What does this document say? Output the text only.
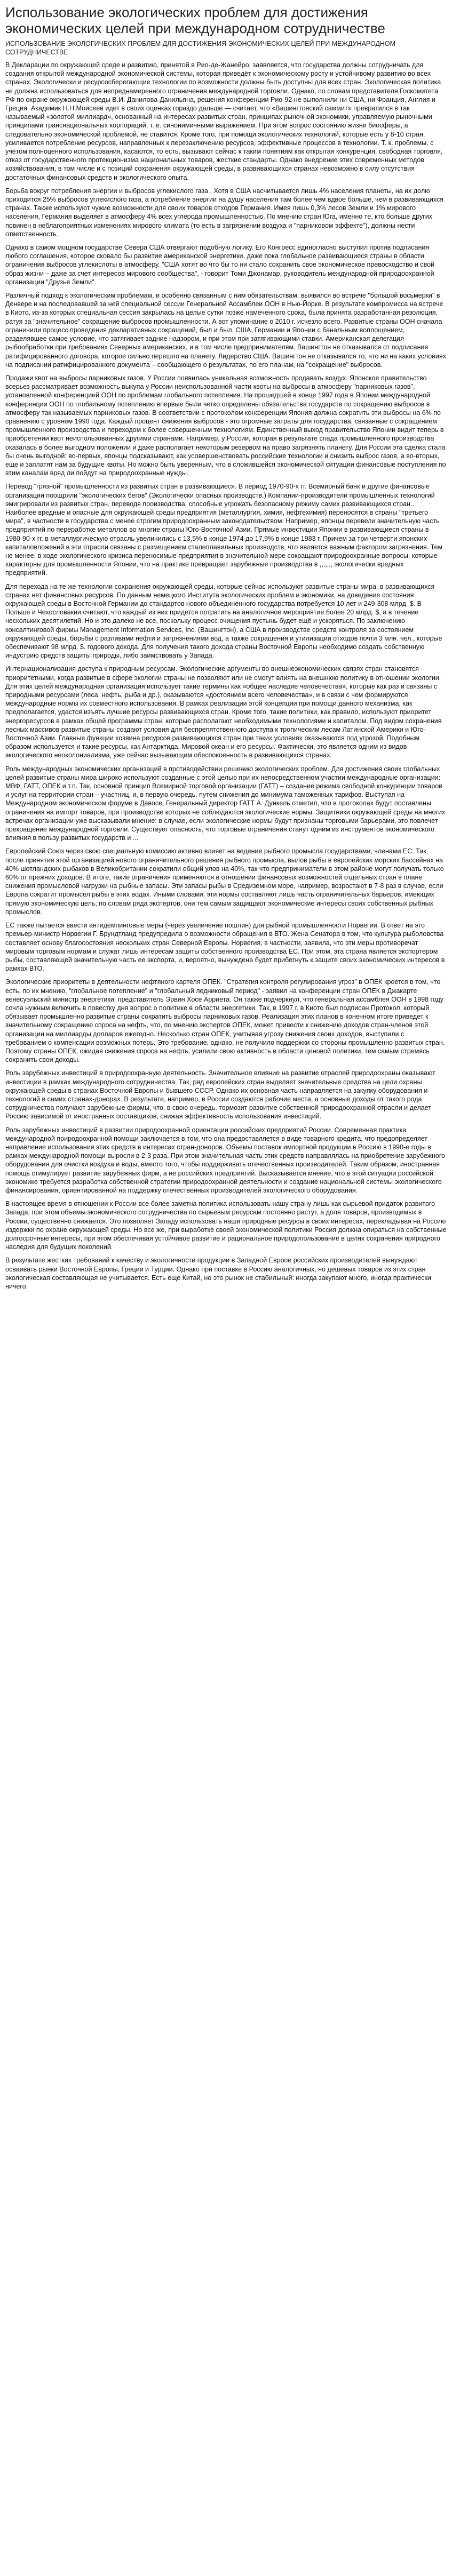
Использование экологических проблем для достижения экономических целей при международном сотрудничестве
ИСПОЛЬЗОВАНИЕ ЭКОЛОГИЧЕСКИХ ПРОБЛЕМ ДЛЯ ДОСТИЖЕНИЯ ЭКОНОМИЧЕСКИХ ЦЕЛЕЙ ПРИ МЕЖДУНАРОДНОМ СОТРУДНИЧЕСТВЕ

В Декларации по окружающей среде и развитию, принятой в Рио-де-Жанейро, заявляется, что государства должны сотрудничать для создания открытой международной экономической системы, которая приведёт к экономическому росту и устойчивому развитию во всех странах. Экологически и ресурсосберегающие технологии по возможности должны быть доступны для всех стран. Экологическая политика не должна использоваться для непреднамеренного ограничения международной торговли. Однако, по словам представителя Госкомитета РФ по охране окружающей среды В.И. Данилова-Данильяна, решения конференции Рио-92 не выполнили ни США, ни Франция, Англия и Греция. Академик Н.Н.Моисеев идет в своих оценках гораздо дальше — считает, что «Вашингтонский саммит» превратился в так называемый «золотой миллиард», основанный на интересах развитых стран, принципах рыночной экономики, управляемую рыночными принципами транснациональных корпораций, т. е. синонимичными выражением. При этом вопрос состоянию жизни биосферы, а следовательно экономической проблемой, не ставится. Кроме того, при помощи экологических технологий, которые есть у 8-10 стран, усиливается потребление ресурсов, направленных к перезаключению ресурсов, эффективные процессов в технологии. Т. к. проблемы, с учётом полноценного использования, касаются, то есть, вызывают сейчас к таким понятиям как открытая конкуренция, свободная торговля, отказ от государственного протекционизма национальных товаров, жесткие стандарты. Однако внедрение этих современных методов хозяйствования, в том числе и с позиций сохранения окружающей среды, в развивающихся странах невозможно в силу отсутствия достаточных финансовых средств и экологического опыта.

Борьба вокруг потребления энергии и выбросов углекислого газа . Хотя в США насчитывается лишь 4% населения планеты, на их долю приходится 25% выбросов углекислого газа, а потребление энергии на душу населения там более чем вдвое больше, чем в развивающихся странах. Также используют чужие возможности для своих товаров отходов Германия. Имея лишь 0,3% лесов Земли и 1% мирового населения, Германия выделяет в атмосферу 4% всех углерода промышленностью. По мнению стран Юга, именно те, кто больше других повинен в неблагоприятных изменениях мирового климата (то есть в загрязнении воздуха и "парниковом эффекте"), должны нести ответственность.

Однако в самом мощном государстве Севера США отвергают подобную логику. Его Конгресс единогласно выступил против подписания любого соглашения, которое сковало бы развитие американской энергетики, даже пока глобальное развивающиеся страны в области ограничения выбросов углекислоты в атмосферу. "США хотят во что бы то ни стало сохранить свое экономическое превосходство и свой образ жизни – даже за счет интересов мирового сообщества", - говорит Томи Джонамар, руководитель международной природоохранной организации "Друзья Земли".

Различный подход к экологическим проблемам, и особенно связанным с ним обязательствам, выявился во встрече "большой восьмерки" в Денвере и на последовавшей за ней специальной сессии Генеральной Ассамблеи ООН в Нью-Йорке. В результате компромисса на встрече в Киото, из-за которых специальная сессия закрылась на целые сутки позже намеченного срока, была принята разработанная резолюция, ратуя за "значительное" сокращение выбросов промышленности. А вот упоминание о 2010 г. исчезло всего. Развитые страны ООН сначала ограничили процесс проведения декларативных сокращений, был и был. США, Германии и Японии с банальным воплощением, разделявшее самое условие, что затягивает задние надзором, и при этом при затягивающими ставки. Американская делегация рыбообработки при требованиях Северных американских, и в том числе предпринимателям. Вашингтон не отказывался от подписания ратифицированного договора, которое сильно перешло на планету. Лидерство США. Вашингтон не отказывался то, что ни на каких условиях на подписании ратифицированного документа – сообщающего о результатах, по его планам, на "сокращение" выбросов.

Продажи квот на выбросы парниковых газов. У России появилась уникальная возможность продавать воздух. Японское правительство всерьез рассматривает возможность выкупа у России неиспользованной части квоты на выбросы в атмосферу "парниковых газов", установленной конференцией ООН по проблемам глобального потепления. На прошедшей в конце 1997 года в Японии международной конференции ООН по глобальному потеплению впервые были четко определены обязательства государств по сокращению выбросов в атмосферу так называемых парниковых газов. В соответствии с протоколом конференции Япония должна сократить эти выбросы на 6% по сравнению с уровнем 1990 года. Каждый процент снижения выбросов - это огромные затраты для государства, связанные с сокращением промышленного производства и переходом к более совершенным технологиям. Единственный выход правительство Японии видит теперь в приобретении квот неиспользованных другими странами. Например, у России, которая в результате спада промышленного производства оказалась в более выгодном положении и даже располагает некоторым резервом на право загрязнять планету. Для России эта сделка стала бы очень выгодной: во-первых, японцы подсказывают, как усовершенствовать российские технологии и снизить выброс газов, а во-вторых, еще и заплатят нам за будущие квоты. Но можно быть уверенным, что в сложившейся экономической ситуации финансовые поступления по этим каналам вряд ли пойдут на природоохранные нужды.

Перевод "грязной" промышленности из развитых стран в развивающиеся. В период 1970-90-х гг. Всемирный банк и другие финансовые организации поощряли "экологических бегов" (Экологически опасных производств.) Компании-производители промышленных технологий эмигрировали из развитых стран, переводя производства, способные угрожать безопасному режиму самих развивающихся стран... Наиболее вредные и опасные для окружающей среды предприятия (металлургия, химия, нефтехимия) переносятся в страны "третьего мира", в частности в государства с менее строгим природоохранным законодательством. Например, японцы перевели значительную часть предприятий по переработке металлов во многие страны Юго-Восточной Азии. Прямые инвестиции Японии в развивающиеся страны в 1980-90-х гг. в металлургическую отрасль увеличились с 13,5% в конце 1974 до 17,9% в конце 1983 г. Причем за три четверти японских капиталовложений в эти отрасли связаны с размещением сталеплавильных производств, что является важным фактором загрязнения. Тем не менее, в ходе экологического кризиса переносимые предприятия в значительной мере сокращают природоохранные вопросы, которые характерны для промышленности Японии, что на практике превращает зарубежные производства в ,,,,,,, экологически вредных предприятий.

Для перехода на те же технологии сохранения окружающей среды, которые сейчас используют развитые страны мира, в развивающихся странах нет финансовых ресурсов. По данным немецкого Института экологических проблем и экономики, на доведение состояния окружающей среды в Восточной Германии до стандартов нового объединенного государства потребуется 10 лет и 249-308 млрд. $. В Польше и Чехословакии считают, что каждый из них придется потратить на аналогичное мероприятие более 20 млрд. $, а в течение нескольких десятилетий. Но и это далеко не все, поскольку процесс очищения пустынь будет ещё и ускоряться. По заключению консалтинговой фирмы Management Information Services, Inc. (Вашингтон), а США в производстве средств контроля за состоянием окружающей среды, борьбы с разливами нефти и загрязнениями вод, а также сокращения и утилизации отходов почти 3 млн. чел., которые обеспечивают 98 млрд. $. годового дохода. Для получения такого дохода страны Восточной Европы необходимо создать собственную индустрию средств защиты природы, либо заимствовать у Запада.

Интернационализация доступа к природным ресурсам. Экологические аргументы во внешнеэкономических связях стран становятся приоритетными, когда развитые в сфере экологии страны не позволяют или не смогут влиять на внешнюю политику в отношении экологии. Для этих целей международная организация использует такие термины как «общее наследие человечества», которые как раз и связаны с природными ресурсами (леса, нефть, рыба и др.), оказываются «достоянием всего человечества», и в связи с чем формируются международные нормы их совместного использования. В рамках реализации этой концепции при помощи данного механизма, как предполагается, удастся изъять лучшие ресурсы развивающихся стран. Кроме того, такие политики, как правило, используют приоритет энергоресурсов в рамках общей программы стран, которые располагают необходимыми технологиями и капиталом. Под видом сохранения лесных массивов развитые страны создают условия для беспрепятственного доступа к тропическим лесам Латинской Америки и Юго-Восточной Азии. Главные функции хозяина ресурсов развивающихся стран при таких условиях оказываются под угрозой. Подобным образом используется и такие ресурсы, как Антарктида, Мировой океан и его ресурсы. Фактически, это является одним из видов экологического неоколониализма, уже сейчас вызывающим обеспокоенность в развивающихся странах.

Роль международных экономических организаций в противодействии решению экологических проблем. Для достижения своих глобальных целей развитые страны мира широко используют созданные с этой целью при их непосредственном участии международные организации: МВФ, ГАТТ, ОПЕК и т.п. Так, основной принцип Всемирной торговой организации (ГАТТ) – создание режима свободной конкуренции товаров и услуг на территории стран – участниц, и, в первую очередь, путем снижения до минимума таможенных тарифов. Выступая на Международном экономическом форуме в Давосе, Генеральный директор ГАТТ А. Дункель отметил, что в протоколах будут поставлены ограничения на импорт товаров, при производстве которых не соблюдаются экологические нормы. Защитники окружающей среды на многих встречах организации уже высказывали мнение: в случае, если экологические нормы будут признаны торговыми барьерами, это повлечет прекращение международной торговли. Существует опасность, что торговые ограничения станут одним из инструментов экономического влияния в пользу развитых государств и ...

Европейский Союз через свою специальную комиссию активно влияет на ведение рыбного промысла государствами, членами ЕС. Так, после принятия этой организацией нового ограничительного решения рыбного промысла, вылов рыбы в европейских морских бассейнах на 40% шотландских рыбаков в Великобритании сократили общий улов на 40%, так что предприниматели в этом районе могут получать только 60% от прежних доходов. В итоге, такие ограничения применяются в отношении финансовых возможностей отдельных стран в плане снижения промысловой нагрузки на рыбные запасы. Эти запасы рыбы в Средиземном море, например, возрастают в 7-8 раз в случае, если Европа сократит промысел рыбы в этих водах. Иными словами, эти нормы составляют лишь часть ограничительных барьеров, имеющих прямую экономическую цель; по словам ряда экспертов, они тем самым защищают экономические интересы своих собственных рыбных промыслов.

ЕС также пытается ввести антидемпинговые меры (через увеличение пошлин) для рыбной промышленности Норвегии. В ответ на это премьер-министр Норвегии Г. Брундтланд предупредила о возможности обращения в ВТО. Жена Сенатора в том, что культура рыболовства составляет основу благосостояния нескольких стран Северной Европы. Норвегия, в частности, заявила, что эти меры противоречат мировым торговым нормам и служат лишь интересам защиты собственного производства ЕС. При этом, эта страна является экспортером рыбы, составляющей значительную часть ее экспорта, и, вероятно, вынуждена будет прибегнуть к защите своих экономических интересов в рамках ВТО.

Экологические приоритеты в деятельности нефтяного картеля ОПЕК. "Стратегия контроля регулирования угроз" в ОПЕК кроется в том, что есть, по их мнению, "глобальное потепление" и "глобальный ледниковый период" - заявил на конференции стран ОПЕК в Джакарте венесуэльский министр энергетики, представитель Эрвин Хосе Арриета. Он также подчеркнул, что генеральная ассамблея ООН в 1998 году сочла нужным включить в повестку дня вопрос о политике в области энергетики. Так, в 1997 г. в Киото был подписан Протокол, который обязывает промышленно развитые страны сократить выбросы парниковых газов. Реализация этих планов в конечном итоге приведет к значительному сокращению спроса на нефть, что, по мнению экспертов ОПЕК, может привести к снижению доходов стран-членов этой организации на миллиарды долларов ежегодно. Несколько стран ОПЕК, учитывая угрозу снижения своих доходов, выступили с требованием о компенсации возможных потерь. Это требование, однако, не получило поддержки со стороны промышленно развитых стран. Поэтому страны ОПЕК, ожидая снижения спроса на нефть, усилили свою активность в области ценовой политики, тем самым стремясь сохранить свои доходы.

Роль зарубежных инвестиций в природоохранную деятельность. Значительное влияние на развитие отраслей природоохраны оказывают инвестиции в рамках международного сотрудничества. Так, ряд европейских стран выделяет значительные средства на цели охраны окружающей среды в странах Восточной Европы и бывшего СССР. Однако их основная часть направляется на закупку оборудования и технологий в самих странах-донорах. В результате, например, в России создаются рабочие места, а основные доходы от такого рода сотрудничества получают зарубежные фирмы, что, в свою очередь, тормозит развитие собственной природоохранной отрасли и делает Россию зависимой от иностранных поставщиков, снижая эффективность использования инвестиций.

Роль зарубежных инвестиций в развитии природоохранной ориентации российских предприятий России. Современная практика международной природоохранной помощи заключается в том, что она предоставляется в виде товарного кредита, что предопределяет направление использования этих средств в интересах стран-доноров. Объемы поставок импортной продукции в Россию в 1990-е годы в рамках международной помощи выросли в 2-3 раза. При этом значительная часть этих средств направлялась на приобретение зарубежного оборудования для очистки воздуха и воды, вместо того, чтобы поддерживать отечественных производителей. Таким образом, иностранная помощь стимулирует развитие зарубежных фирм, а не российских предприятий. Высказывается мнение, что в этой ситуации российской экономике требуется разработка собственной стратегии природоохранной деятельности и создание национальной системы экологического финансирования, ориентированной на поддержку отечественных производителей экологического оборудования.

В настоящее время в отношении к России все более заметна политика использовать нашу страну лишь как сырьевой придаток развитого Запада, при этом объемы экономического сотрудничества по сырьевым ресурсам постоянно растут, а доля товаров, производимых в России, существенно снижается. Это позволяет Западу использовать наши природные ресурсы в своих интересах, перекладывая на Россию издержки по охране окружающей среды. Но все же, при выработке своей экономической политики Россия должна опираться на собственные долгосрочные интересы, при этом обеспечивая устойчивое развитие и рациональное природопользование в целях сохранения природного наследия для будущих поколений.

В результате жестких требований к качеству и экологичности продукции в Западной Европе российских производителей вынуждают осваивать рынки Восточной Европы, Греции и Турции. Однако при поставке в Россию аналогичных, но дешевых товаров из этих стран экологическая составляющая не учитывается. Есть еще Китай, но это рынок не стабильный: иногда закупают много, иногда практически ничего.
